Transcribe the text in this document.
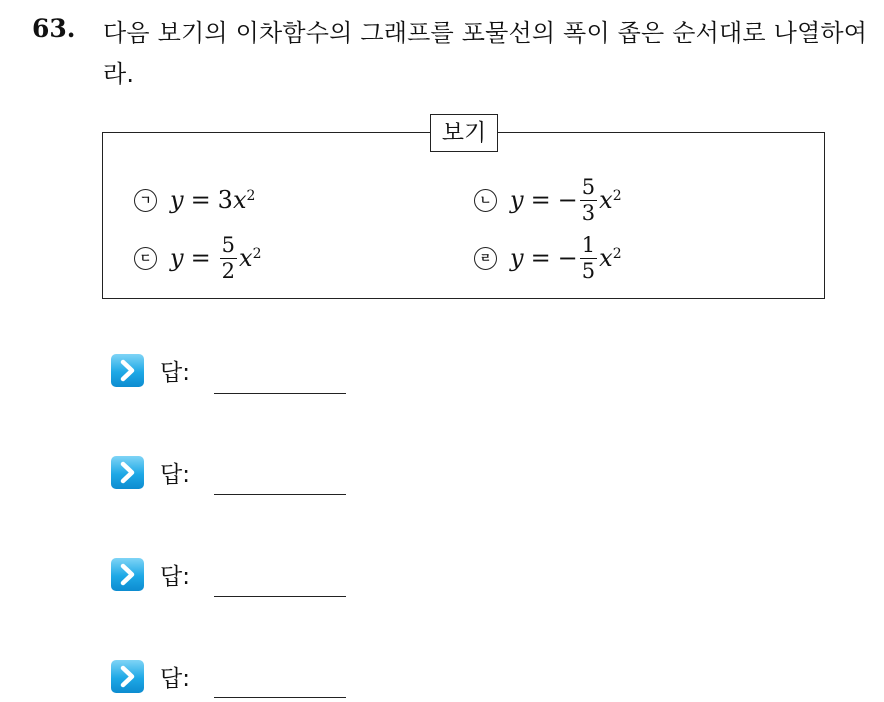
63. 다음 보기의 이차함수의 그래프를 포물선의 폭이 좁은 순서대로 나열하여라.
보기
ㄱ y = 3 $x^2$	ㄴ y = − $\frac{5}{3} x^2$
ㄷ $y = \frac{5}{2} x^2$	ㄹ y = − $\frac{1}{5} x^2$
답:
답:
답:
답:
